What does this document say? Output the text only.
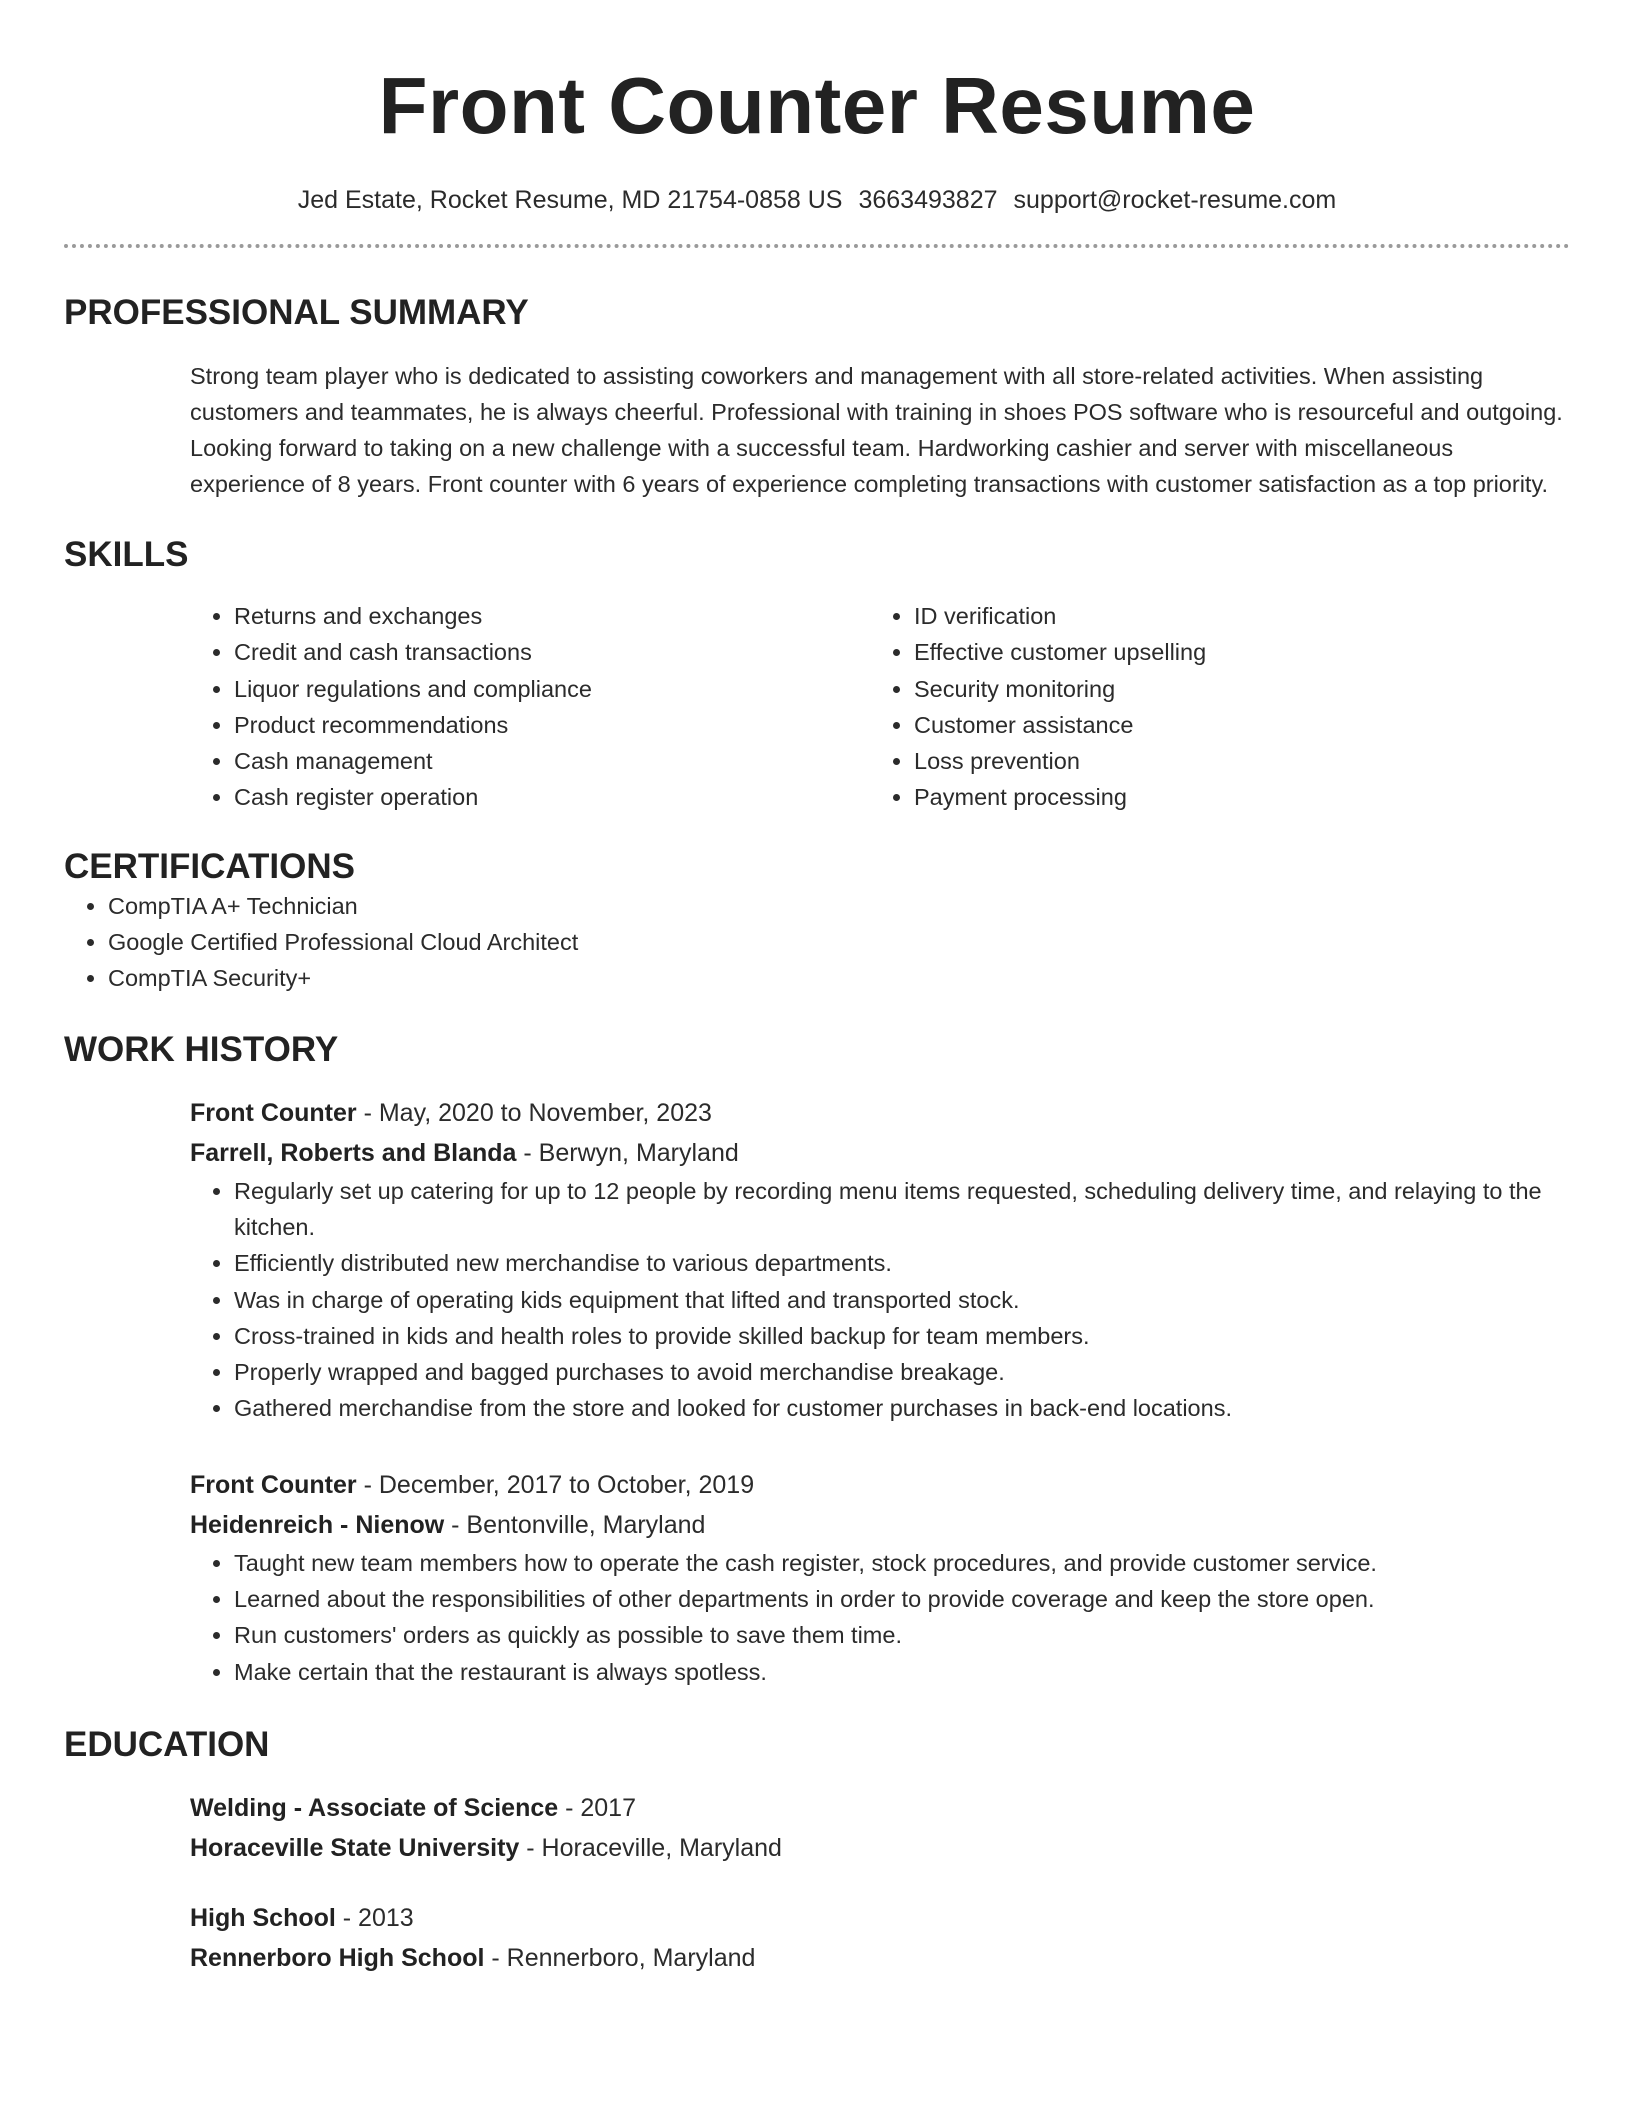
Front Counter Resume
Jed Estate, Rocket Resume, MD 21754-0858 US 3663493827 support@rocket-resume.com
PROFESSIONAL SUMMARY

Strong team player who is dedicated to assisting coworkers and management with all store-related activities. When assisting customers and teammates, he is always cheerful. Professional with training in shoes POS software who is resourceful and outgoing. Looking forward to taking on a new challenge with a successful team. Hardworking cashier and server with miscellaneous experience of 8 years. Front counter with 6 years of experience completing transactions with customer satisfaction as a top priority.

SKILLS
• Returns and exchanges
• Credit and cash transactions
• Liquor regulations and compliance
• Product recommendations
• Cash management
• Cash register operation
• ID verification
• Effective customer upselling
• Security monitoring
• Customer assistance
• Loss prevention
• Payment processing
CERTIFICATIONS
• CompTIA A+ Technician
• Google Certified Professional Cloud Architect
• CompTIA Security+
WORK HISTORY
Front Counter - May, 2020 to November, 2023
Farrell, Roberts and Blanda - Berwyn, Maryland
• Regularly set up catering for up to 12 people by recording menu items requested, scheduling delivery time, and relaying to the kitchen.
• Efficiently distributed new merchandise to various departments.
• Was in charge of operating kids equipment that lifted and transported stock.
• Cross-trained in kids and health roles to provide skilled backup for team members.
• Properly wrapped and bagged purchases to avoid merchandise breakage.
• Gathered merchandise from the store and looked for customer purchases in back-end locations.
Front Counter - December, 2017 to October, 2019
Heidenreich - Nienow - Bentonville, Maryland
• Taught new team members how to operate the cash register, stock procedures, and provide customer service.
• Learned about the responsibilities of other departments in order to provide coverage and keep the store open.
• Run customers' orders as quickly as possible to save them time.
• Make certain that the restaurant is always spotless.
EDUCATION
Welding - Associate of Science - 2017
Horaceville State University - Horaceville, Maryland
High School - 2013
Rennerboro High School - Rennerboro, Maryland
